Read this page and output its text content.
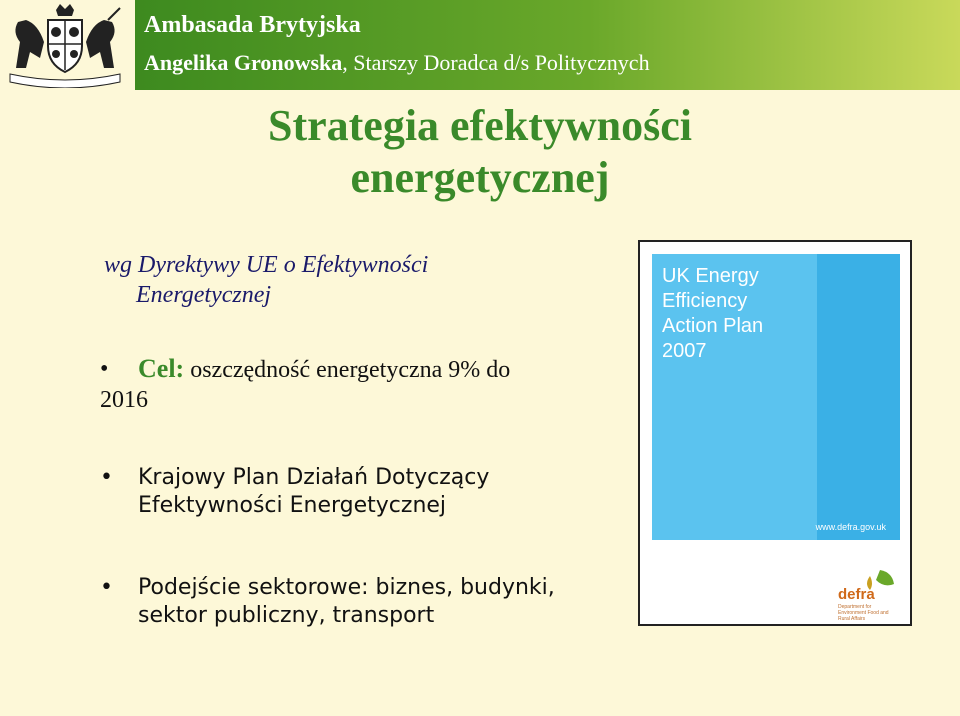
Ambasada Brytyjska
Angelika Gronowska, Starszy Doradca d/s Politycznych
Strategia efektywności
energetycznej
wg Dyrektywy UE o Efektywności
Energetycznej
• Cel: oszczędność energetyczna 9% do
2016
• Krajowy Plan Działań Dotyczący
Efektywności Energetycznej
• Podejście sektorowe: biznes, budynki,
sektor publiczny, transport
UK Energy
Efficiency
Action Plan
2007
www.defra.gov.uk
defra
Department for Environment Food and Rural Affairs
